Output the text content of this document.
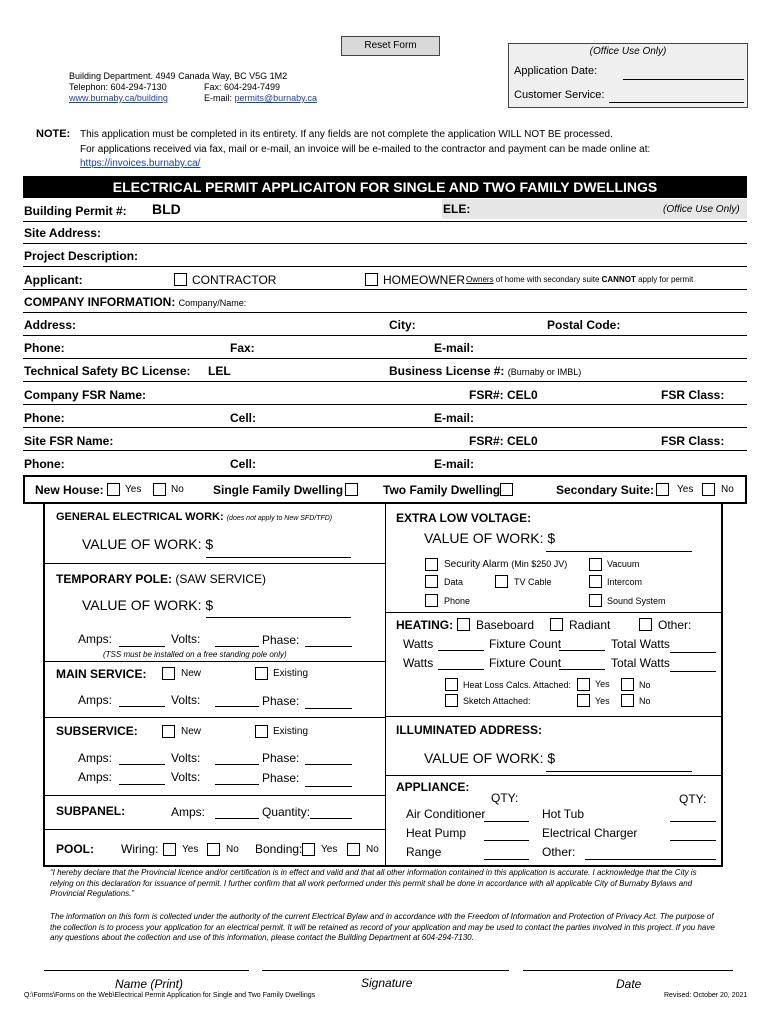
Reset Form
Building Department. 4949 Canada Way, BC V5G 1M2
Telephon: 604-294-7130	Fax: 604-294-7499
www.burnaby.ca/building	E-mail: permits@burnaby.ca
(Office Use Only)
Application Date:
Customer Service:
NOTE: This application must be completed in its entirety. If any fields are not complete the application WILL NOT BE processed.
For applications received via fax, mail or e-mail, an invoice will be e-mailed to the contractor and payment can be made online at:
https://invoices.burnaby.ca/
ELECTRICAL PERMIT APPLICAITON FOR SINGLE AND TWO FAMILY DWELLINGS
Building Permit #: BLD	ELE:	(Office Use Only)
Site Address:
Project Description:
Applicant:	CONTRACTOR	HOMEOWNER Owners of home with secondary suite CANNOT apply for permit
COMPANY INFORMATION: Company/Name:
Address:	City:	Postal Code:
Phone:	Fax:	E-mail:
Technical Safety BC License: LEL	Business License #: (Burnaby or IMBL)
Company FSR Name:	FSR#: CEL0	FSR Class:
Phone:	Cell:	E-mail:
Site FSR Name:	FSR#: CEL0	FSR Class:
Phone:	Cell:	E-mail:
New House: Yes	No Single Family Dwelling	Two Family Dwelling	Secondary Suite: Yes	No
GENERAL ELECTRICAL WORK: (does not apply to New SFD/TFD)
VALUE OF WORK: $
TEMPORARY POLE: (SAW SERVICE)
VALUE OF WORK: $
Amps:	Volts:	Phase:
(TSS must be installed on a free standing pole only)
MAIN SERVICE:	New	Existing
Amps:	Volts:	Phase:
SUBSERVICE:	New	Existing
Amps:	Volts:	Phase:
Amps:	Volts:	Phase:
SUBPANEL:	Amps:	Quantity:
POOL: Wiring: Yes	No Bonding: Yes	No
EXTRA LOW VOLTAGE:
VALUE OF WORK: $
Security Alarm (Min $250 JV)	Vacuum
Data	TV Cable	Intercom
Phone	Sound System
HEATING: Baseboard	Radiant	Other:
Watts	Fixture Count	Total Watts
Watts	Fixture Count	Total Watts
Heat Loss Calcs. Attached:	Yes	No
Sketch Attached:	Yes	No
ILLUMINATED ADDRESS:
VALUE OF WORK: $
APPLIANCE:
QTY:	QTY:
Air Conditioner	Hot Tub
Heat Pump	Electrical Charger
Range	Other:
“I hereby declare that the Provincial licence and/or certification is in effect and valid and that all other information contained in this application is accurate. I acknowledge that the City is relying on this declaration for issuance of permit. I further confirm that all work performed under this permit shall be done in accordance with all applicable City of Burnaby Bylaws and Provincial Regulations.”
The information on this form is collected under the authority of the current Electrical Bylaw and in accordance with the Freedom of Information and Protection of Privacy Act. The purpose of the collection is to process your application for an electrical permit. It will be retained as record of your application and may be used to contact the parties involved in this project. If you have any questions about the collection and use of this information, please contact the Building Department at 604-294-7130.
Name (Print)	Signature	Date
Q:\Forms\Forms on the Web\Electrical Permit Application for Single and Two Family Dwellings	Revised: October 20, 2021
